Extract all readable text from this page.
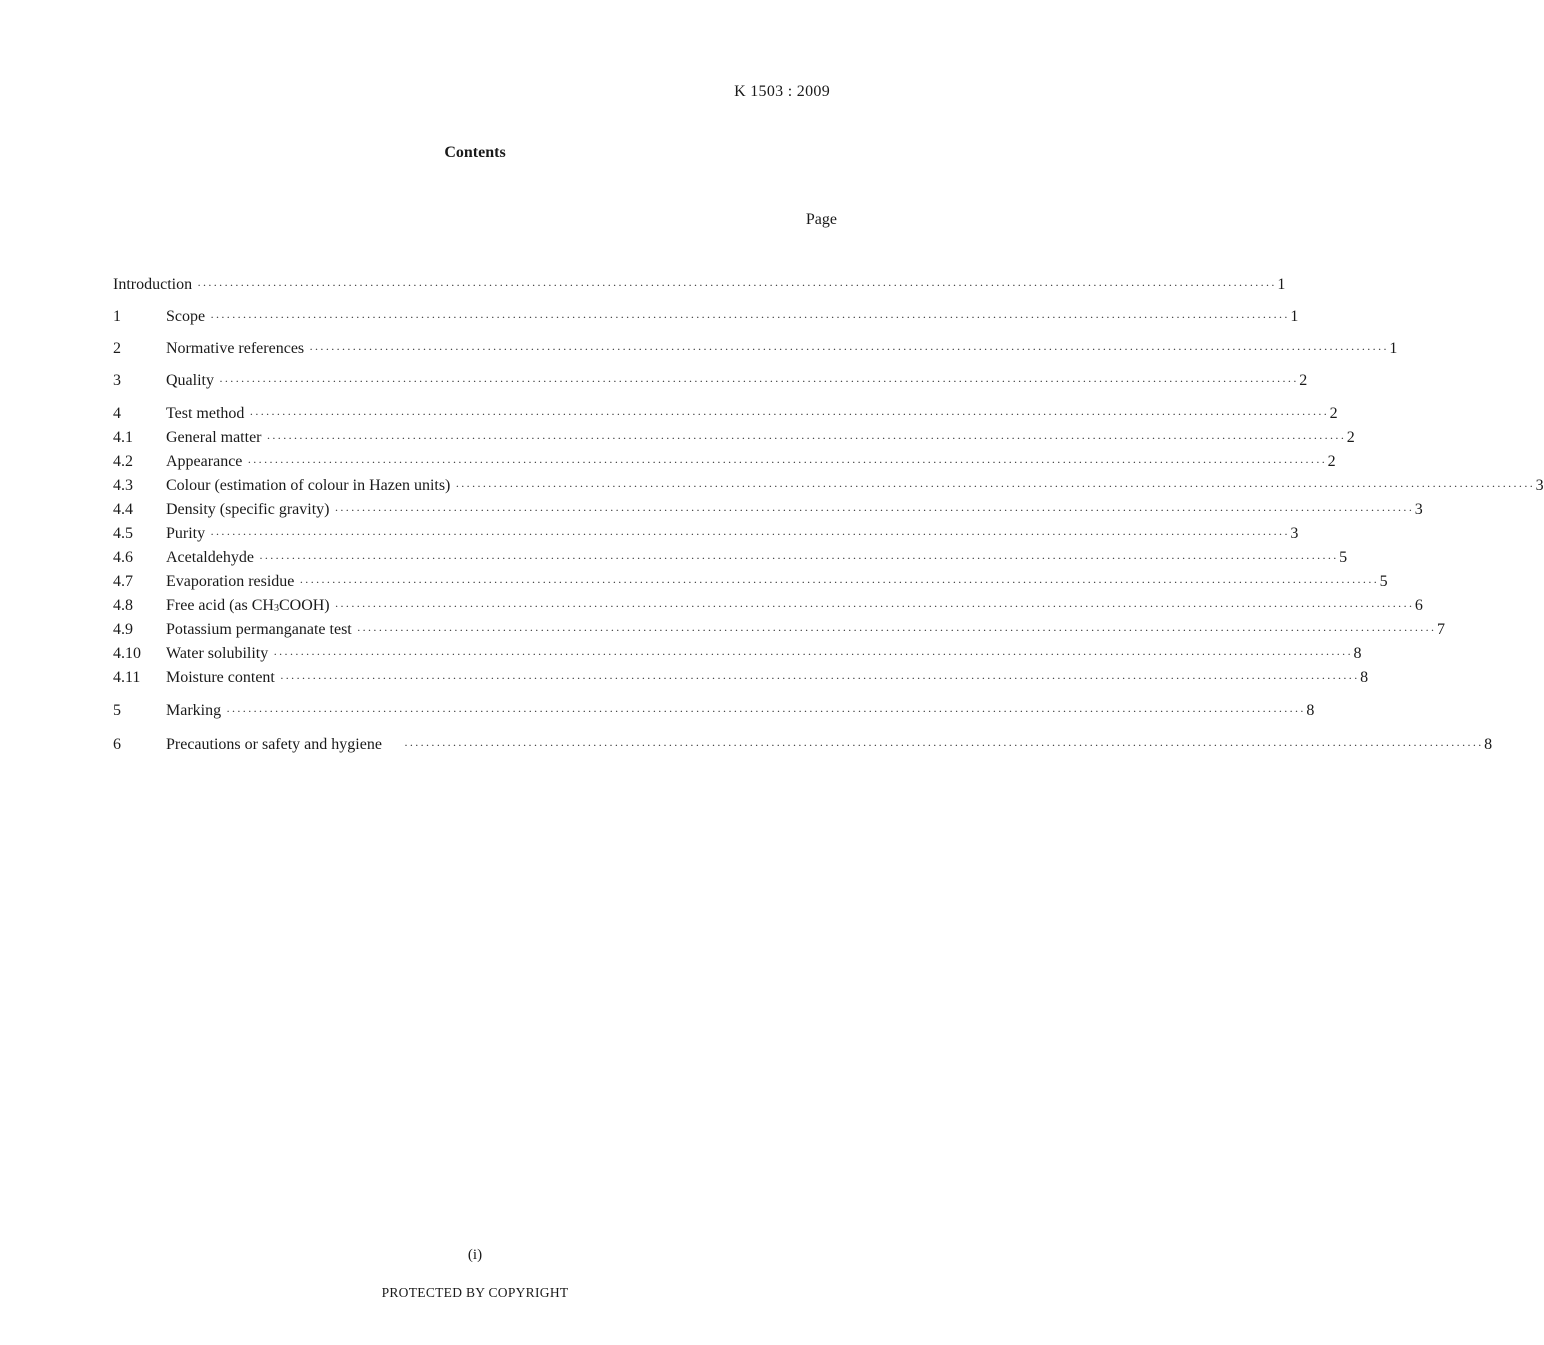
K 1503 : 2009
Contents
Page
Introduction ········································································································································································································ 1
1	Scope ········································································································································································································ 1
2	Normative references ········································································································································································································ 1
3	Quality ········································································································································································································ 2
4	Test method ········································································································································································································ 2
4.1	General matter ········································································································································································································ 2
4.2	Appearance ········································································································································································································ 2
4.3	Colour (estimation of colour in Hazen units) ········································································································································································································ 3
4.4	Density (specific gravity) ········································································································································································································ 3
4.5	Purity ········································································································································································································ 3
4.6	Acetaldehyde ········································································································································································································ 5
4.7	Evaporation residue ········································································································································································································ 5
4.8	Free acid (as $CH_3COOH$) ········································································································································································································ 6
4.9	Potassium permanganate test ········································································································································································································ 7
4.10	Water solubility ········································································································································································································ 8
4.11	Moisture content ········································································································································································································ 8
5	Marking ········································································································································································································ 8
6	Precautions or safety and hygiene	········································································································································································································ 8
(i)
PROTECTED BY COPYRIGHT
